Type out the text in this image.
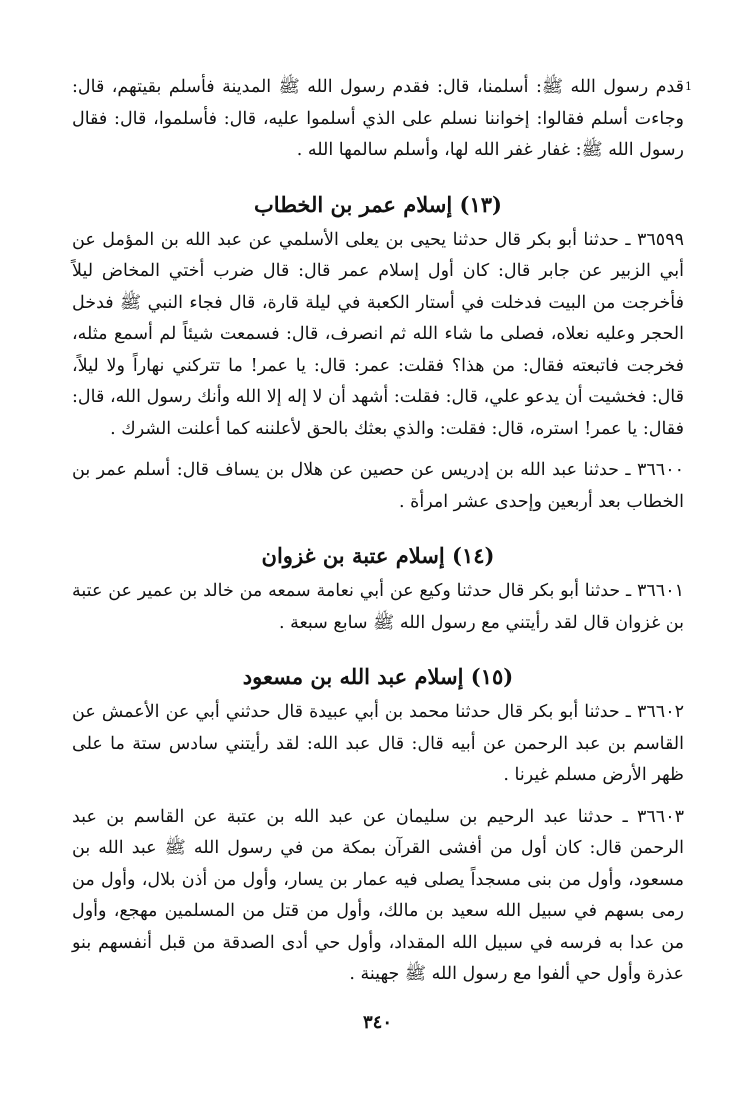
1

قدم رسول الله ﷺ: أسلمنا، قال: فقدم رسول الله ﷺ المدينة فأسلم بقيتهم، قال: وجاءت أسلم فقالوا: إخواننا نسلم على الذي أسلموا عليه، قال: فأسلموا، قال: فقال رسول الله ﷺ: غفار غفر الله لها، وأسلم سالمها الله .

(١٣) إسلام عمر بن الخطاب

٣٦٥٩٩ ـ حدثنا أبو بكر قال حدثنا يحيى بن يعلى الأسلمي عن عبد الله بن المؤمل عن أبي الزبير عن جابر قال: كان أول إسلام عمر قال: قال ضرب أختي المخاض ليلاً فأخرجت من البيت فدخلت في أستار الكعبة في ليلة قارة، قال فجاء النبي ﷺ فدخل الحجر وعليه نعلاه، فصلى ما شاء الله ثم انصرف، قال: فسمعت شيئاً لم أسمع مثله، فخرجت فاتبعته فقال: من هذا؟ فقلت: عمر: قال: يا عمر! ما تتركني نهاراً ولا ليلاً، قال: فخشيت أن يدعو علي، قال: فقلت: أشهد أن لا إله إلا الله وأنك رسول الله، قال: فقال: يا عمر! استره، قال: فقلت: والذي بعثك بالحق لأعلننه كما أعلنت الشرك .

٣٦٦٠٠ ـ حدثنا عبد الله بن إدريس عن حصين عن هلال بن يساف قال: أسلم عمر بن الخطاب بعد أربعين وإحدى عشر امرأة .

(١٤) إسلام عتبة بن غزوان

٣٦٦٠١ ـ حدثنا أبو بكر قال حدثنا وكيع عن أبي نعامة سمعه من خالد بن عمير عن عتبة بن غزوان قال لقد رأيتني مع رسول الله ﷺ سابع سبعة .

(١٥) إسلام عبد الله بن مسعود

٣٦٦٠٢ ـ حدثنا أبو بكر قال حدثنا محمد بن أبي عبيدة قال حدثني أبي عن الأعمش عن القاسم بن عبد الرحمن عن أبيه قال: قال عبد الله: لقد رأيتني سادس ستة ما على ظهر الأرض مسلم غيرنا .

٣٦٦٠٣ ـ حدثنا عبد الرحيم بن سليمان عن عبد الله بن عتبة عن القاسم بن عبد الرحمن قال: كان أول من أفشى القرآن بمكة من في رسول الله ﷺ عبد الله بن مسعود، وأول من بنى مسجداً يصلى فيه عمار بن يسار، وأول من أذن بلال، وأول من رمى بسهم في سبيل الله سعيد بن مالك، وأول من قتل من المسلمين مهجع، وأول من عدا به فرسه في سبيل الله المقداد، وأول حي أدى الصدقة من قبل أنفسهم بنو عذرة وأول حي ألفوا مع رسول الله ﷺ جهينة .

٣٤٠
